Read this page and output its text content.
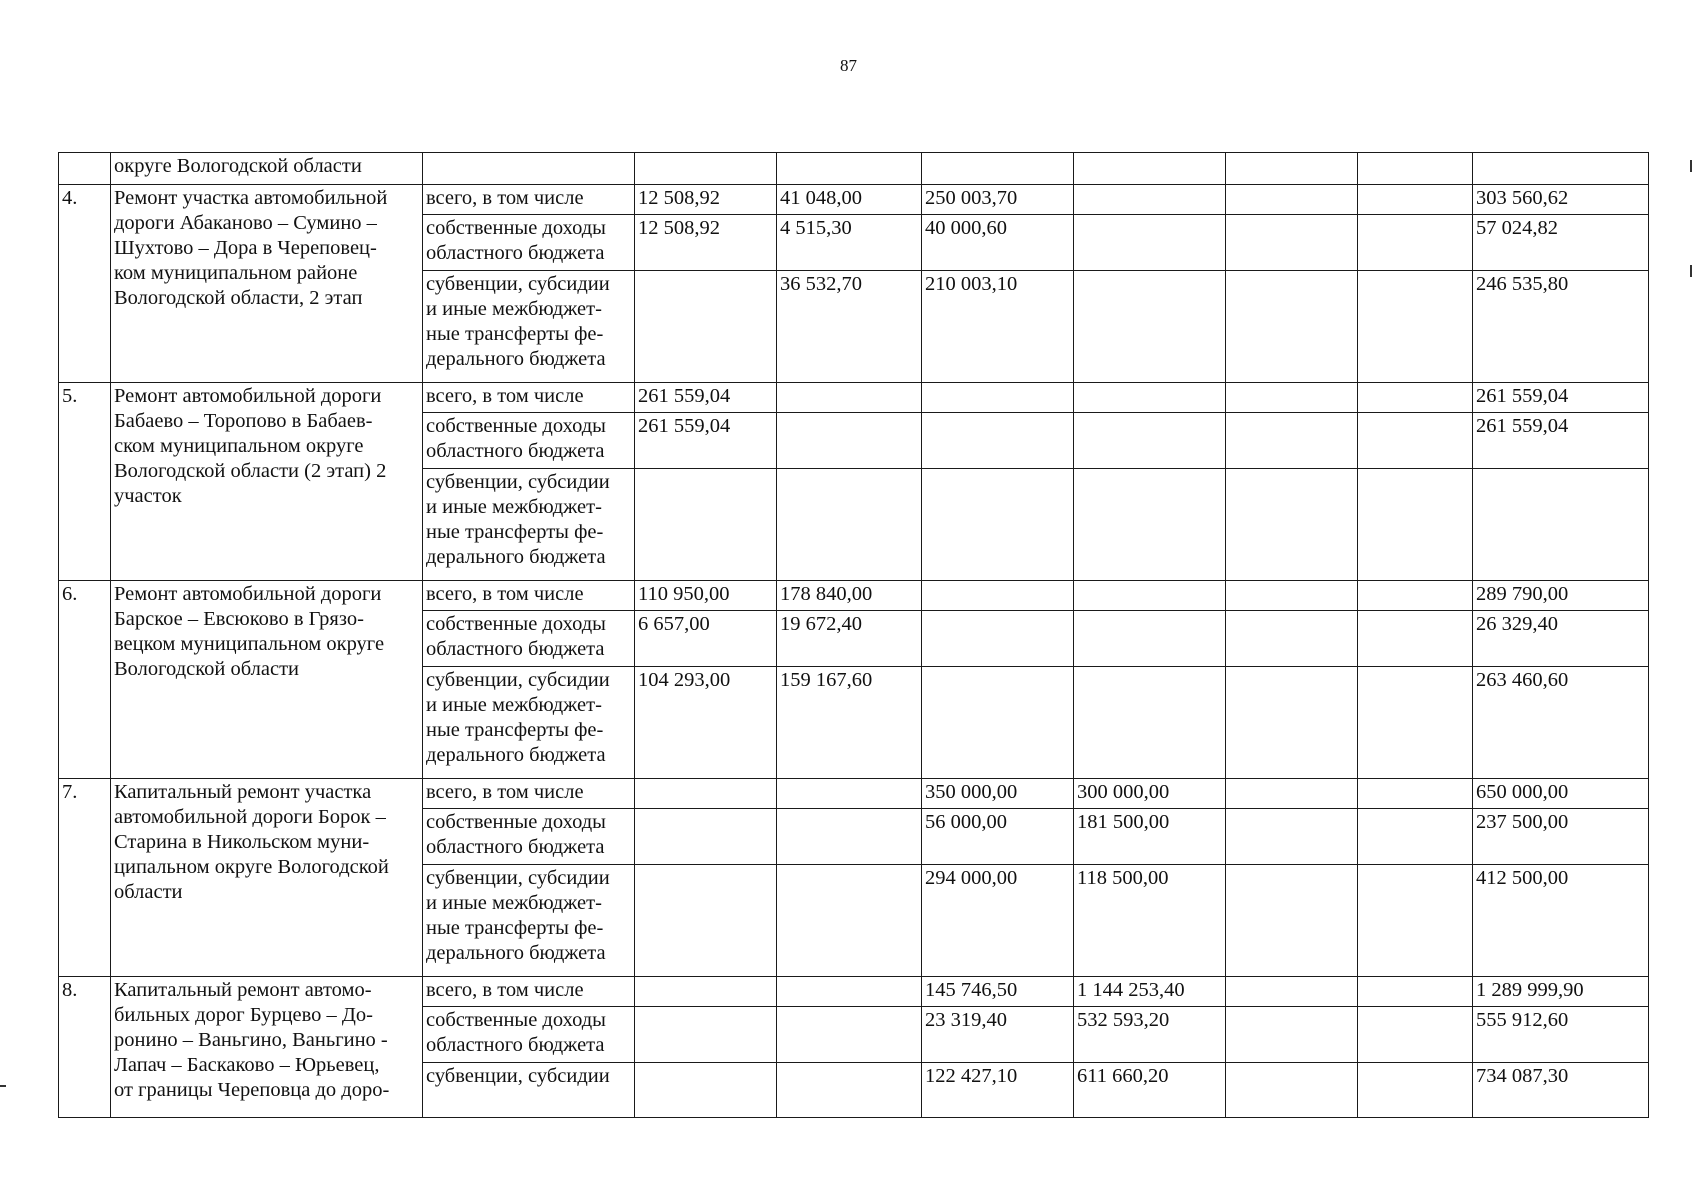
87
	округе Вологодской области								
4.	Ремонт участка автомобильной
дороги Абаканово – Сумино –
Шухтово – Дора в Череповец-
ком муниципальном районе
Вологодской области, 2 этап	всего, в том числе	12 508,92	41 048,00	250 003,70				303 560,62
		собственные доходы
областного бюджета	12 508,92	4 515,30	40 000,60				57 024,82
		субвенции, субсидии
и иные межбюджет-
ные трансферты фе-
дерального бюджета		36 532,70	210 003,10				246 535,80
5.	Ремонт автомобильной дороги
Бабаево – Торопово в Бабаев-
ском муниципальном округе
Вологодской области (2 этап) 2
участок	всего, в том числе	261 559,04						261 559,04
		собственные доходы
областного бюджета	261 559,04						261 559,04
		субвенции, субсидии
и иные межбюджет-
ные трансферты фе-
дерального бюджета							
6.	Ремонт автомобильной дороги
Барское – Евсюково в Грязо-
вецком муниципальном округе
Вологодской области	всего, в том числе	110 950,00	178 840,00					289 790,00
		собственные доходы
областного бюджета	6 657,00	19 672,40					26 329,40
		субвенции, субсидии
и иные межбюджет-
ные трансферты фе-
дерального бюджета	104 293,00	159 167,60					263 460,60
7.	Капитальный ремонт участка
автомобильной дороги Борок –
Старина в Никольском муни-
ципальном округе Вологодской
области	всего, в том числе			350 000,00	300 000,00			650 000,00
		собственные доходы
областного бюджета			56 000,00	181 500,00			237 500,00
		субвенции, субсидии
и иные межбюджет-
ные трансферты фе-
дерального бюджета			294 000,00	118 500,00			412 500,00
8.	Капитальный ремонт автомо-
бильных дорог Бурцево – До-
ронино – Ваньгино, Ваньгино -
Лапач – Баскаково – Юрьевец,
от границы Череповца до доро-	всего, в том числе			145 746,50	1 144 253,40			1 289 999,90
		собственные доходы
областного бюджета			23 319,40	532 593,20			555 912,60
		субвенции, субсидии			122 427,10	611 660,20			734 087,30
